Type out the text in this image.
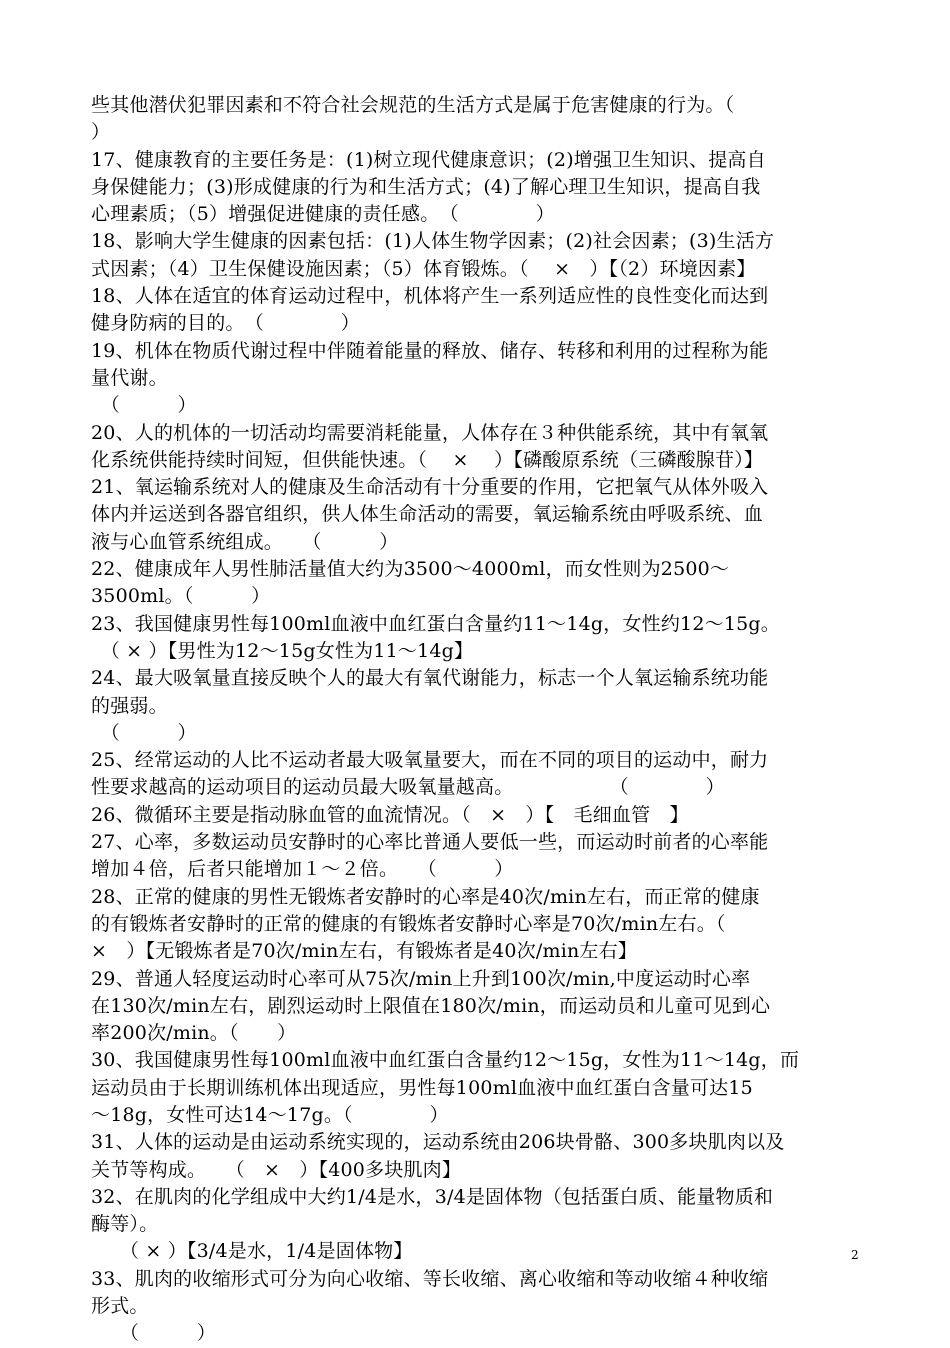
些其他潜伏犯罪因素和不符合社会规范的生活方式是属于危害健康的行为。（
）
17、健康教育的主要任务是：(1)树立现代健康意识；(2)增强卫生知识、提高自
身保健能力；(3)形成健康的行为和生活方式；(4)了解心理卫生知识，提高自我
心理素质；（5）增强促进健康的责任感。　（　　　　）
18、影响大学生健康的因素包括：(1)人体生物学因素；(2)社会因素；(3)生活方
式因素；（4）卫生保健设施因素；（5）体育锻炼。（　 ×　）【（2）环境因素】
18、人体在适宜的体育运动过程中，机体将产生一系列适应性的良性变化而达到
健身防病的目的。　（　　　　）
19、机体在物质代谢过程中伴随着能量的释放、储存、转移和利用的过程称为能
量代谢。
　（　　　）
20、人的机体的一切活动均需要消耗能量，人体存在３种供能系统，其中有氧氧
化系统供能持续时间短，但供能快速。（　 ×　 ）【磷酸原系统（三磷酸腺苷）】
21、氧运输系统对人的健康及生命活动有十分重要的作用，它把氧气从体外吸入
体内并运送到各器官组织，供人体生命活动的需要，氧运输系统由呼吸系统、血
液与心血管系统组成。　　（　　　）
22、健康成年人男性肺活量值大约为3500～4000ml，而女性则为2500～
3500ml。（　　　）
23、我国健康男性每100ml血液中血红蛋白含量约11～14g，女性约12～15g。
　（ × ）【男性为12～15g女性为11～14g】
24、最大吸氧量直接反映个人的最大有氧代谢能力，标志一个人氧运输系统功能
的强弱。
　（　　　）
25、经常运动的人比不运动者最大吸氧量要大，而在不同的项目的运动中，耐力
性要求越高的运动项目的运动员最大吸氧量越高。　　　　　　（　　　　）
26、微循环主要是指动脉血管的血流情况。（　×　）【　毛细血管　】
27、心率，多数运动员安静时的心率比普通人要低一些，而运动时前者的心率能
增加４倍，后者只能增加１～２倍。　　（　　　）
28、正常的健康的男性无锻炼者安静时的心率是40次/min左右，而正常的健康
的有锻炼者安静时的正常的健康的有锻炼者安静时心率是70次/min左右。（
×　）【无锻炼者是70次/min左右，有锻炼者是40次/min左右】
29、普通人轻度运动时心率可从75次/min上升到100次/min,中度运动时心率
在130次/min左右，剧烈运动时上限值在180次/min，而运动员和儿童可见到心
率200次/min。（　　）
30、我国健康男性每100ml血液中血红蛋白含量约12～15g，女性为11～14g，而
运动员由于长期训练机体出现适应，男性每100ml血液中血红蛋白含量可达15
～18g，女性可达14～17g。（　　　　）
31、人体的运动是由运动系统实现的，运动系统由206块骨骼、300多块肌肉以及
关节等构成。　　（　×　）【400多块肌肉】
32、在肌肉的化学组成中大约1/4是水，3/4是固体物（包括蛋白质、能量物质和
酶等）。
　　（ × ）【3/4是水，1/4是固体物】
33、肌肉的收缩形式可分为向心收缩、等长收缩、离心收缩和等动收缩４种收缩
形式。
　　（　　　）
2
